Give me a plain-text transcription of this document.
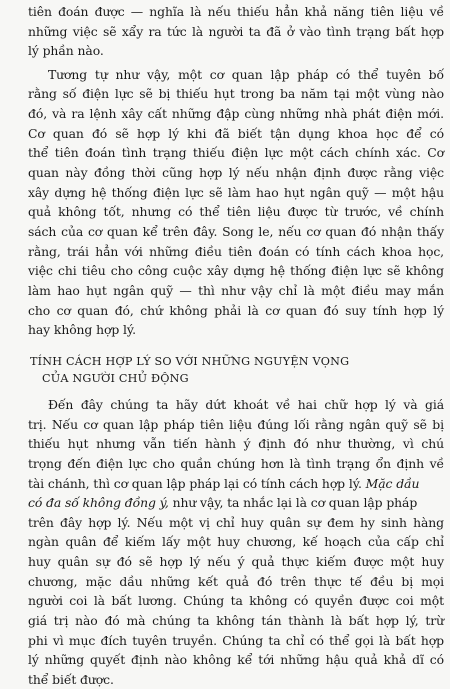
tiên đoán được — nghĩa là nếu thiếu hẳn khả năng tiên liệu về
những việc sẽ xẩy ra tức là người ta đã ở vào tình trạng bất hợp
lý phần nào.
Tương tự như vậy, một cơ quan lập pháp có thể tuyên bố
rằng số điện lực sẽ bị thiếu hụt trong ba năm tại một vùng nào
đó, và ra lệnh xây cất những đập cùng những nhà phát điện mới.
Cơ quan đó sẽ hợp lý khi đã biết tận dụng khoa học để có
thể tiên đoán tình trạng thiếu điện lực một cách chính xác. Cơ
quan này đồng thời cũng hợp lý nếu nhận định được rằng việc
xây dựng hệ thống điện lực sẽ làm hao hụt ngân quỹ — một hậu
quả không tốt, nhưng có thể tiên liệu được từ trước, về chính
sách của cơ quan kể trên đây. Song le, nếu cơ quan đó nhận thấy
rằng, trái hẳn với những điều tiên đoán có tính cách khoa học,
việc chi tiêu cho công cuộc xây dựng hệ thống điện lực sẽ không
làm hao hụt ngân quỹ — thì như vậy chỉ là một điều may mắn
cho cơ quan đó, chứ không phải là cơ quan đó suy tính hợp lý
hay không hợp lý.
TÍNH CÁCH HỢP LÝ SO VỚI NHỮNG NGUYỆN VỌNG
CỦA NGƯỜI CHỦ ĐỘNG
Đến đây chúng ta hãy dứt khoát về hai chữ hợp lý và giá
trị. Nếu cơ quan lập pháp tiên liệu đúng lối rằng ngân quỹ sẽ bị
thiếu hụt nhưng vẫn tiến hành ý định đó như thường, vì chú
trọng đến điện lực cho quần chúng hơn là tình trạng ổn định về
tài chánh, thì cơ quan lập pháp lại có tính cách hợp lý. Mặc dầu
có đa số không đồng ý, như vậy, ta nhắc lại là cơ quan lập pháp
trên đây hợp lý. Nếu một vị chỉ huy quân sự đem hy sinh hàng
ngàn quân để kiếm lấy một huy chương, kế hoạch của cấp chỉ
huy quân sự đó sẽ hợp lý nếu ý quả thực kiếm được một huy
chương, mặc dầu những kết quả đó trên thực tế đều bị mọi
người coi là bất lương. Chúng ta không có quyền được coi một
giá trị nào đó mà chúng ta không tán thành là bất hợp lý, trừ
phi vì mục đích tuyên truyền. Chúng ta chỉ có thể gọi là bất hợp
lý những quyết định nào không kể tới những hậu quả khả dĩ có
thể biết được.
